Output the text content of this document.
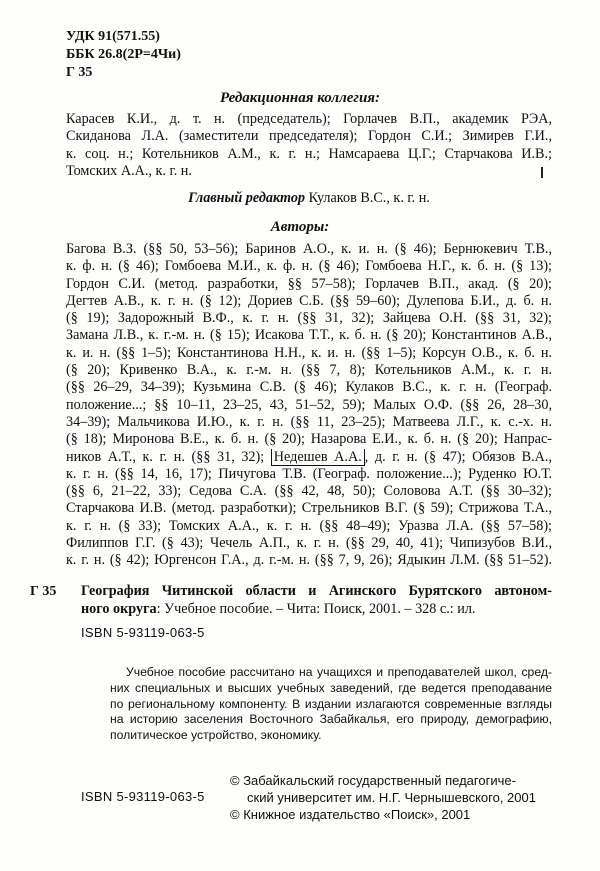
УДК 91(571.55)
ББК 26.8(2Р=4Чи)
Г 35
Редакционная коллегия:
Карасев К.И., д. т. н. (председатель); Горлачев В.П., академик РЭА,
Скиданова Л.А. (заместители председателя); Гордон С.И.; Зимирев Г.И.,
к. соц. н.; Котельников А.М., к. г. н.; Намсараева Ц.Г.; Старчакова И.В.;
Томских А.А., к. г. н.
Главный редактор Кулаков В.С., к. г. н.
Авторы:
Багова В.З. (§§ 50, 53–56); Баринов А.О., к. и. н. (§ 46); Бернюкевич Т.В.,
к. ф. н. (§ 46); Гомбоева М.И., к. ф. н. (§ 46); Гомбоева Н.Г., к. б. н. (§ 13);
Гордон С.И. (метод. разработки, §§ 57–58); Горлачев В.П., акад. (§ 20);
Дегтев А.В., к. г. н. (§ 12); Дориев С.Б. (§§ 59–60); Дулепова Б.И., д. б. н.
(§ 19); Задорожный В.Ф., к. г. н. (§§ 31, 32); Зайцева О.Н. (§§ 31, 32);
Замана Л.В., к. г.-м. н. (§ 15); Исакова Т.Т., к. б. н. (§ 20); Константинов А.В.,
к. и. н. (§§ 1–5); Константинова Н.Н., к. и. н. (§§ 1–5); Корсун О.В., к. б. н.
(§ 20); Кривенко В.А., к. г.-м. н. (§§ 7, 8); Котельников А.М., к. г. н.
(§§ 26–29, 34–39); Кузьмина С.В. (§ 46); Кулаков В.С., к. г. н. (Географ.
положение...; §§ 10–11, 23–25, 43, 51–52, 59); Малых О.Ф. (§§ 26, 28–30,
34–39); Мальчикова И.Ю., к. г. н. (§§ 11, 23–25); Матвеева Л.Г., к. с.-х. н.
(§ 18); Миронова В.Е., к. б. н. (§ 20); Назарова Е.И., к. б. н. (§ 20); Напрас-
ников А.Т., к. г. н. (§§ 31, 32); Недешев А.А. , д. г. н. (§ 47); Обязов В.А.,
к. г. н. (§§ 14, 16, 17); Пичугова Т.В. (Географ. положение...); Руденко Ю.Т.
(§§ 6, 21–22, 33); Седова С.А. (§§ 42, 48, 50); Соловова А.Т. (§§ 30–32);
Старчакова И.В. (метод. разработки); Стрельников В.Г. (§ 59); Стрижова Т.А.,
к. г. н. (§ 33); Томских А.А., к. г. н. (§§ 48–49); Уразва Л.А. (§§ 57–58);
Филиппов Г.Г. (§ 43); Чечель А.П., к. г. н. (§§ 29, 40, 41); Чипизубов В.И.,
к. г. н. (§ 42); Юргенсон Г.А., д. г.-м. н. (§§ 7, 9, 26); Ядыкин Л.М. (§§ 51–52).
Г 35 География Читинской области и Агинского Бурятского автоном-
ного округа: Учебное пособие. – Чита: Поиск, 2001. – 328 с.: ил.
ISBN 5-93119-063-5
Учебное пособие рассчитано на учащихся и преподавателей школ, сред-
них специальных и высших учебных заведений, где ведется преподавание
по региональному компоненту. В издании излагаются современные взгляды
на историю заселения Восточного Забайкалья, его природу, демографию,
политическое устройство, экономику.
ISBN 5-93119-063-5
© Забайкальский государственный педагогиче-
ский университет им. Н.Г. Чернышевского, 2001
© Книжное издательство «Поиск», 2001
